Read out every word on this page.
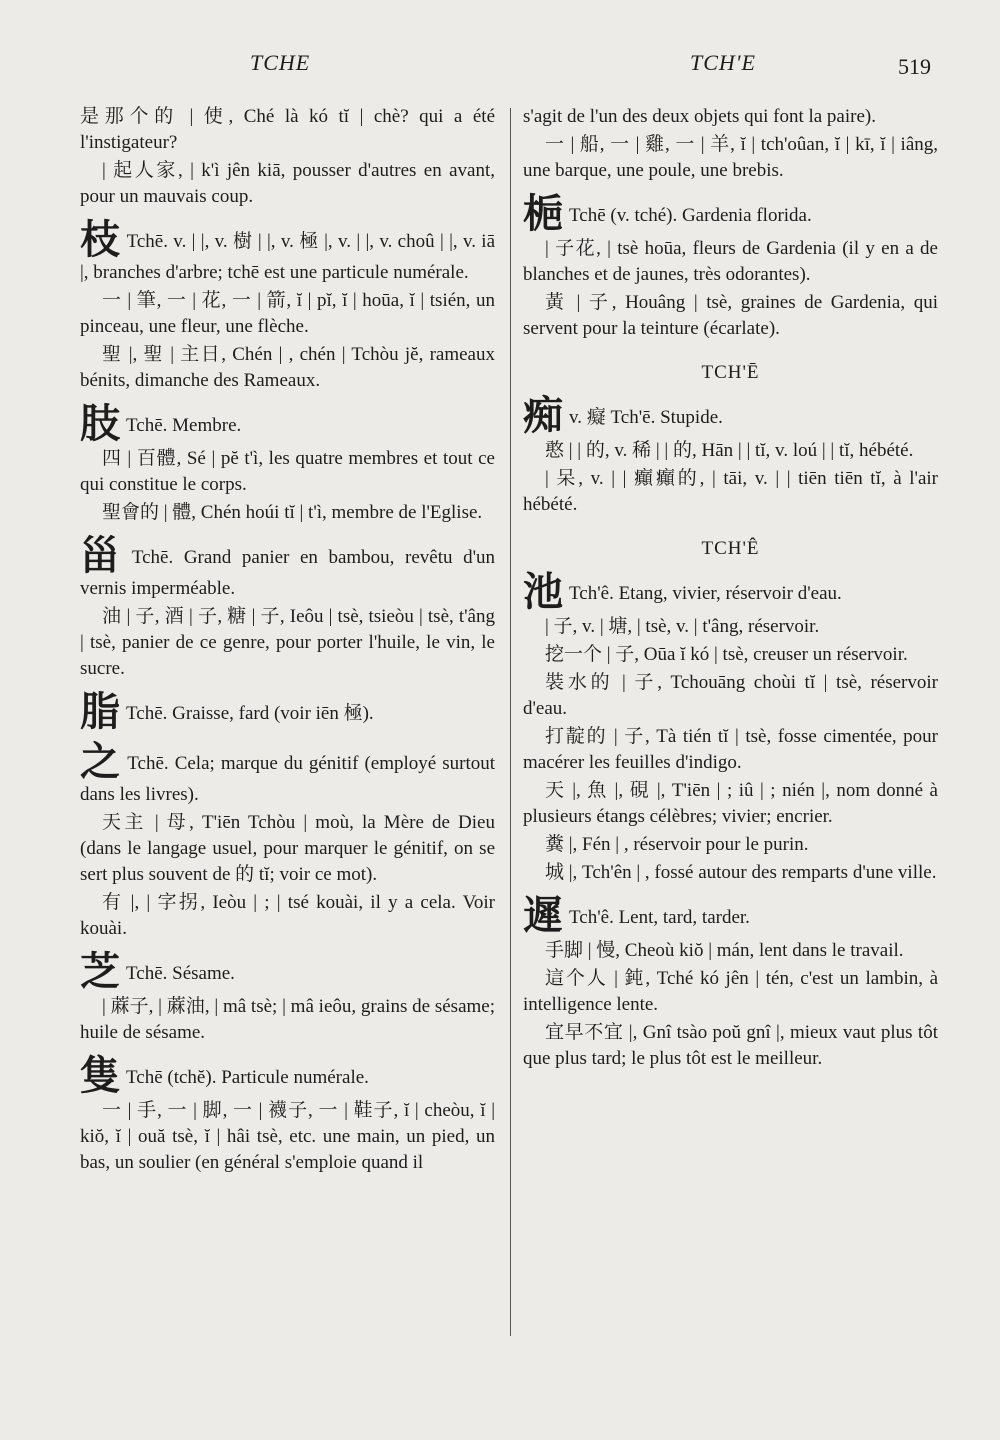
TCHE	TCH'E	519
是那个的 | 使, Ché là kó tĭ | chè? qui a été l'instigateur?
| 起人家, | k'ì jên kiā, pousser d'autres en avant, pour un mauvais coup.
枝 Tchē. v. | |, v. 樹 | |, v. 極 |, v. | |, v. choû | |, v. iā |, branches d'arbre; tchē est une particule numérale.
一 | 筆, 一 | 花, 一 | 箭, ĭ | pĭ, ĭ | hoūa, ĭ | tsién, un pinceau, une fleur, une flèche.
聖 |, 聖 | 主日, Chén | , chén | Tchòu jĕ, rameaux bénits, dimanche des Rameaux.
肢 Tchē. Membre.
四 | 百體, Sé | pĕ t'ì, les quatre membres et tout ce qui constitue le corps.
聖會的 | 體, Chén hoúi tĭ | t'ì, membre de l'Eglise.
甾 Tchē. Grand panier en bambou, revêtu d'un vernis imperméable.
油 | 子, 酒 | 子, 糖 | 子, Ieôu | tsè, tsieòu | tsè, t'âng | tsè, panier de ce genre, pour porter l'huile, le vin, le sucre.
脂 Tchē. Graisse, fard (voir iēn 極).
之 Tchē. Cela; marque du génitif (employé surtout dans les livres).
天主 | 母, T'iēn Tchòu | moù, la Mère de Dieu (dans le langage usuel, pour marquer le génitif, on se sert plus souvent de 的 tĭ; voir ce mot).
有 |, | 字拐, Ieòu | ; | tsé kouài, il y a cela. Voir kouài.
芝 Tchē. Sésame.
| 蔴子, | 蔴油, | mâ tsè; | mâ ieôu, grains de sésame; huile de sésame.
隻 Tchē (tchĕ). Particule numérale.
一 | 手, 一 | 脚, 一 | 襪子, 一 | 鞋子, ĭ | cheòu, ĭ | kiŏ, ĭ | ouă tsè, ĭ | hâi tsè, etc. une main, un pied, un bas, un soulier (en général s'emploie quand il
s'agit de l'un des deux objets qui font la paire).
一 | 船, 一 | 雞, 一 | 羊, ĭ | tch'oûan, ĭ | kī, ĭ | iâng, une barque, une poule, une brebis.
梔 Tchē (v. tché). Gardenia florida.
| 子花, | tsè hoūa, fleurs de Gardenia (il y en a de blanches et de jaunes, très odorantes).
黃 | 子, Houâng | tsè, graines de Gardenia, qui servent pour la teinture (écarlate).
TCH'Ē
痴v. 癡 Tch'ē. Stupide.
憨 | | 的, v. 稀 | | 的, Hān | | tĭ, v. loú | | tĭ, hébété.
| 呆, v. | | 癲癲的, | tāi, v. | | tiēn tiēn tĭ, à l'air hébété.
TCH'Ê
池 Tch'ê. Etang, vivier, réservoir d'eau.
| 子, v. | 塘, | tsè, v. | t'âng, réservoir.
挖一个 | 子, Oūa ĭ kó | tsè, creuser un réservoir.
裝水的 | 子, Tchouāng choùi tĭ | tsè, réservoir d'eau.
打靛的 | 子, Tà tién tĭ | tsè, fosse cimentée, pour macérer les feuilles d'indigo.
天 |, 魚 |, 硯 |, T'iēn | ; iû | ; nién |, nom donné à plusieurs étangs célèbres; vivier; encrier.
糞 |, Fén | , réservoir pour le purin.
城 |, Tch'ên | , fossé autour des remparts d'une ville.
遲 Tch'ê. Lent, tard, tarder.
手脚 | 慢, Cheoù kiŏ | mán, lent dans le travail.
這个人 | 鈍, Tché kó jên | tén, c'est un lambin, à intelligence lente.
宜早不宜 |, Gnî tsào poŭ gnî |, mieux vaut plus tôt que plus tard; le plus tôt est le meilleur.
